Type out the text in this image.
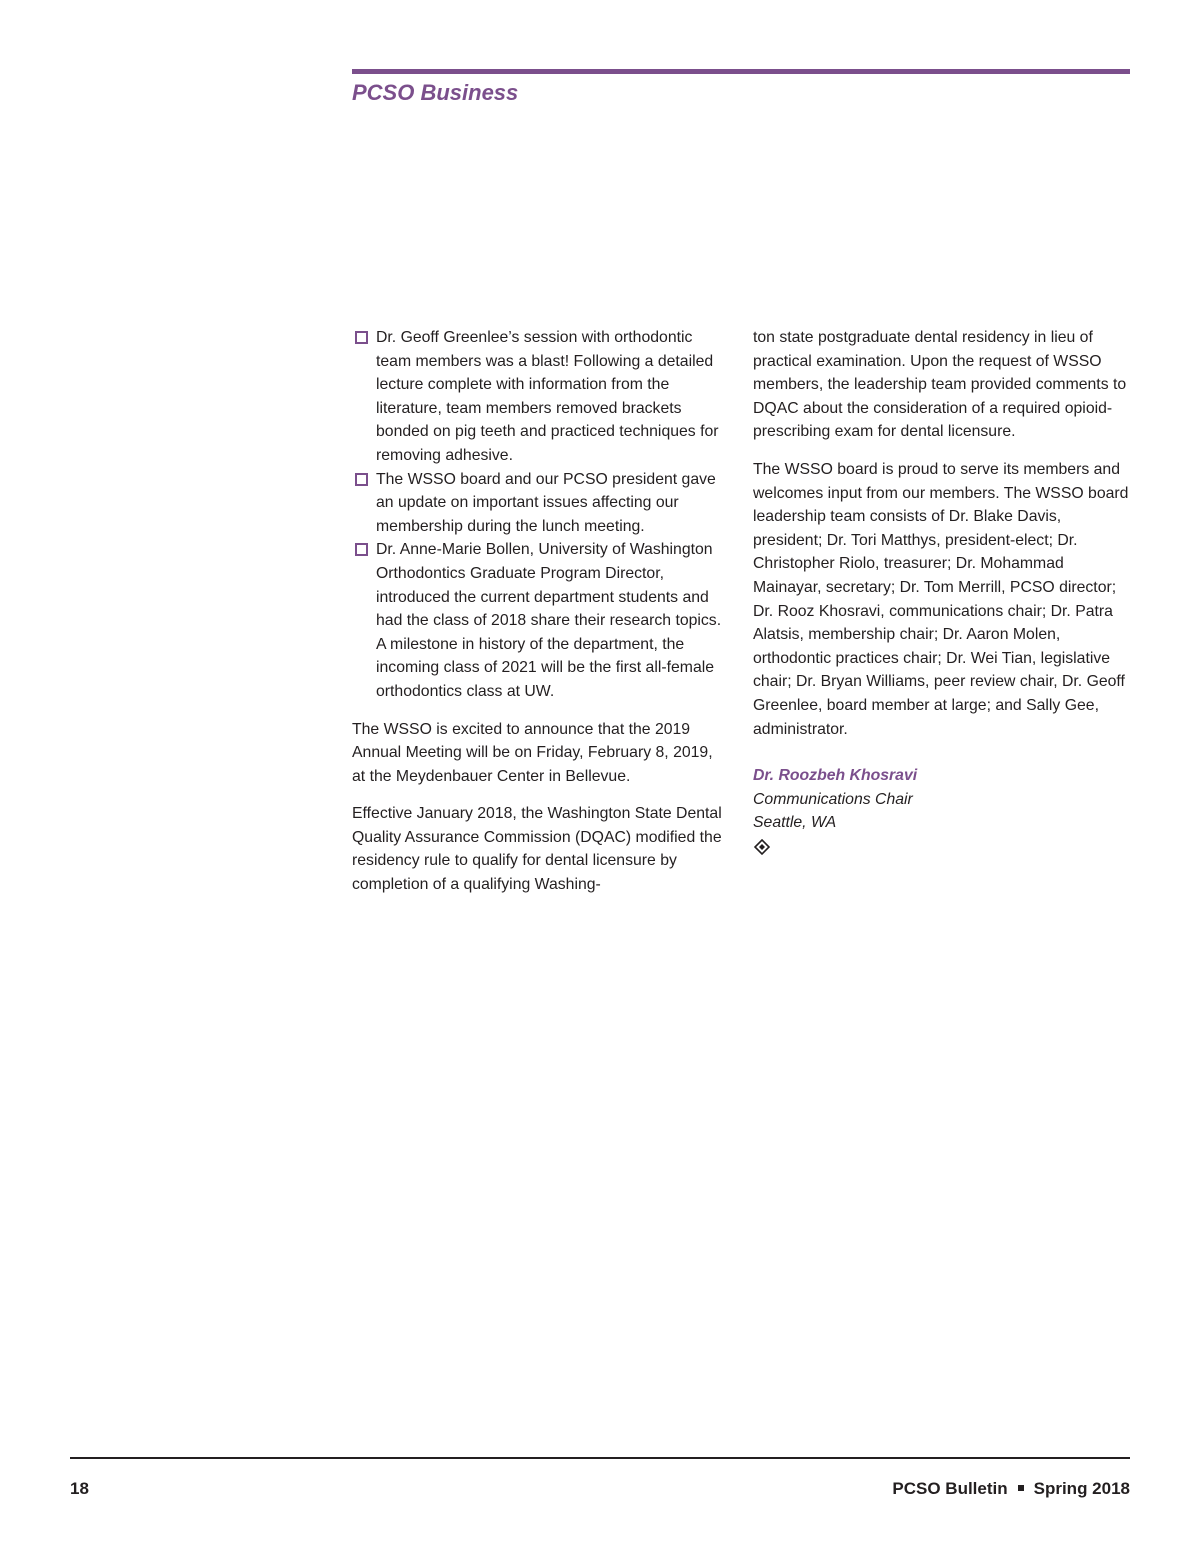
PCSO Business
Dr. Geoff Greenlee’s session with orthodontic team members was a blast! Following a detailed lecture complete with information from the literature, team members removed brackets bonded on pig teeth and practiced techniques for removing adhesive.
The WSSO board and our PCSO president gave an update on important issues affecting our membership during the lunch meeting.
Dr. Anne-Marie Bollen, University of Washington Orthodontics Graduate Program Director, introduced the current department students and had the class of 2018 share their research topics. A milestone in history of the department, the incoming class of 2021 will be the first all-female orthodontics class at UW.

The WSSO is excited to announce that the 2019 Annual Meeting will be on Friday, February 8, 2019, at the Meydenbauer Center in Bellevue.

Effective January 2018, the Washington State Dental Quality Assurance Commission (DQAC) modified the residency rule to qualify for dental licensure by completion of a qualifying Washing-

ton state postgraduate dental residency in lieu of practical examination. Upon the request of WSSO members, the leadership team provided comments to DQAC about the consideration of a required opioid-prescribing exam for dental licensure.

The WSSO board is proud to serve its members and welcomes input from our members. The WSSO board leadership team consists of Dr. Blake Davis, president; Dr. Tori Matthys, president-elect; Dr. Christopher Riolo, treasurer; Dr. Mohammad Mainayar, secretary; Dr. Tom Merrill, PCSO director; Dr. Rooz Khosravi, communications chair; Dr. Patra Alatsis, membership chair; Dr. Aaron Molen, orthodontic practices chair; Dr. Wei Tian, legislative chair; Dr. Bryan Williams, peer review chair, Dr. Geoff Greenlee, board member at large; and Sally Gee, administrator.

Dr. Roozbeh Khosravi
Communications Chair
Seattle, WA
18	PCSO Bulletin Spring 2018
